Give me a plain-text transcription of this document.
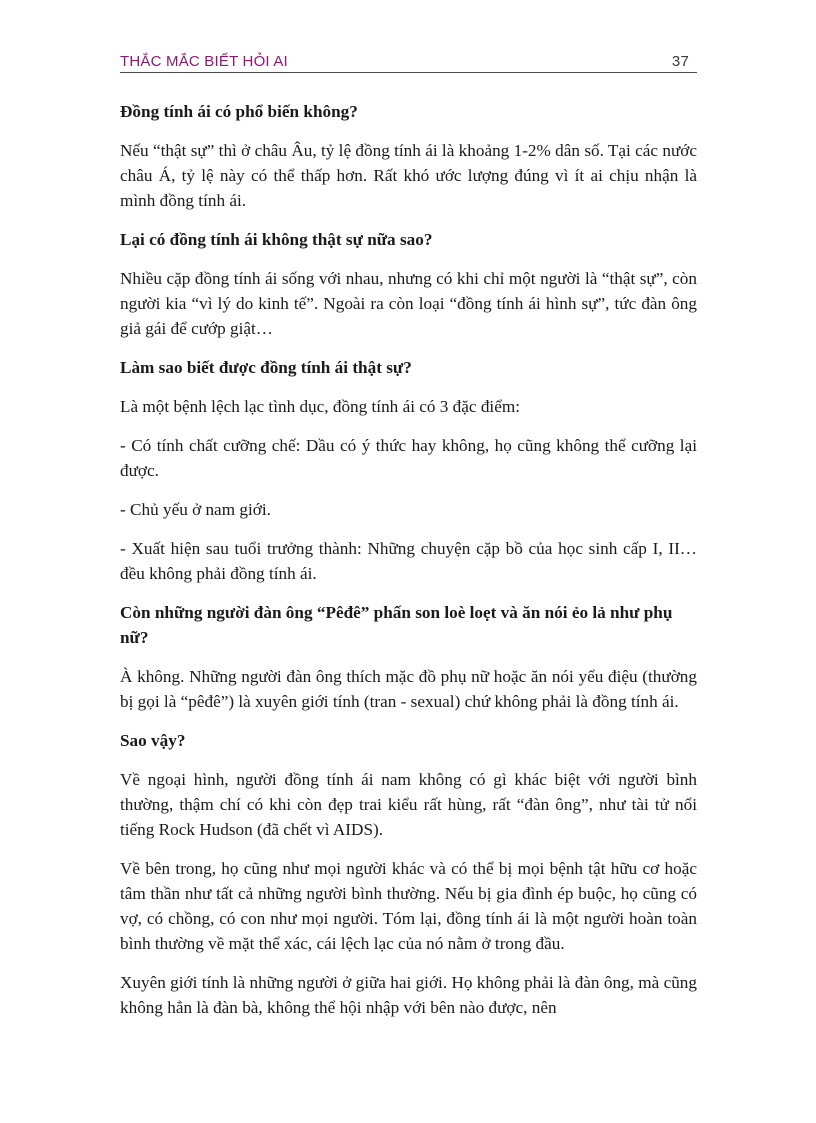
THẮC MẮC BIẾT HỎI AI	37
Đồng tính ái có phổ biến không?

Nếu “thật sự” thì ở châu Âu, tỷ lệ đồng tính ái là khoảng 1-2% dân số. Tại các nước châu Á, tỷ lệ này có thể thấp hơn. Rất khó ước lượng đúng vì ít ai chịu nhận là mình đồng tính ái.

Lại có đồng tính ái không thật sự nữa sao?

Nhiều cặp đồng tính ái sống với nhau, nhưng có khi chỉ một người là “thật sự”, còn người kia “vì lý do kinh tế”. Ngoài ra còn loại “đồng tính ái hình sự”, tức đàn ông giả gái để cướp giật…

Làm sao biết được đồng tính ái thật sự?

Là một bệnh lệch lạc tình dục, đồng tính ái có 3 đặc điểm:

- Có tính chất cưỡng chế: Dầu có ý thức hay không, họ cũng không thể cưỡng lại được.

- Chủ yếu ở nam giới.

- Xuất hiện sau tuổi trưởng thành: Những chuyện cặp bồ của học sinh cấp I, II… đều không phải đồng tính ái.

Còn những người đàn ông “Pêđê” phấn son loè loẹt và ăn nói ẻo lả như phụ nữ?

À không. Những người đàn ông thích mặc đồ phụ nữ hoặc ăn nói yểu điệu (thường bị gọi là “pêđê”) là xuyên giới tính (tran - sexual) chứ không phải là đồng tính ái.

Sao vậy?

Về ngoại hình, người đồng tính ái nam không có gì khác biệt với người bình thường, thậm chí có khi còn đẹp trai kiểu rất hùng, rất “đàn ông”, như tài tử nổi tiếng Rock Hudson (đã chết vì AIDS).

Về bên trong, họ cũng như mọi người khác và có thể bị mọi bệnh tật hữu cơ hoặc tâm thần như tất cả những người bình thường. Nếu bị gia đình ép buộc, họ cũng có vợ, có chồng, có con như mọi người. Tóm lại, đồng tính ái là một người hoàn toàn bình thường về mặt thể xác, cái lệch lạc của nó nằm ở trong đầu.

Xuyên giới tính là những người ở giữa hai giới. Họ không phải là đàn ông, mà cũng không hẳn là đàn bà, không thể hội nhập với bên nào được, nên
